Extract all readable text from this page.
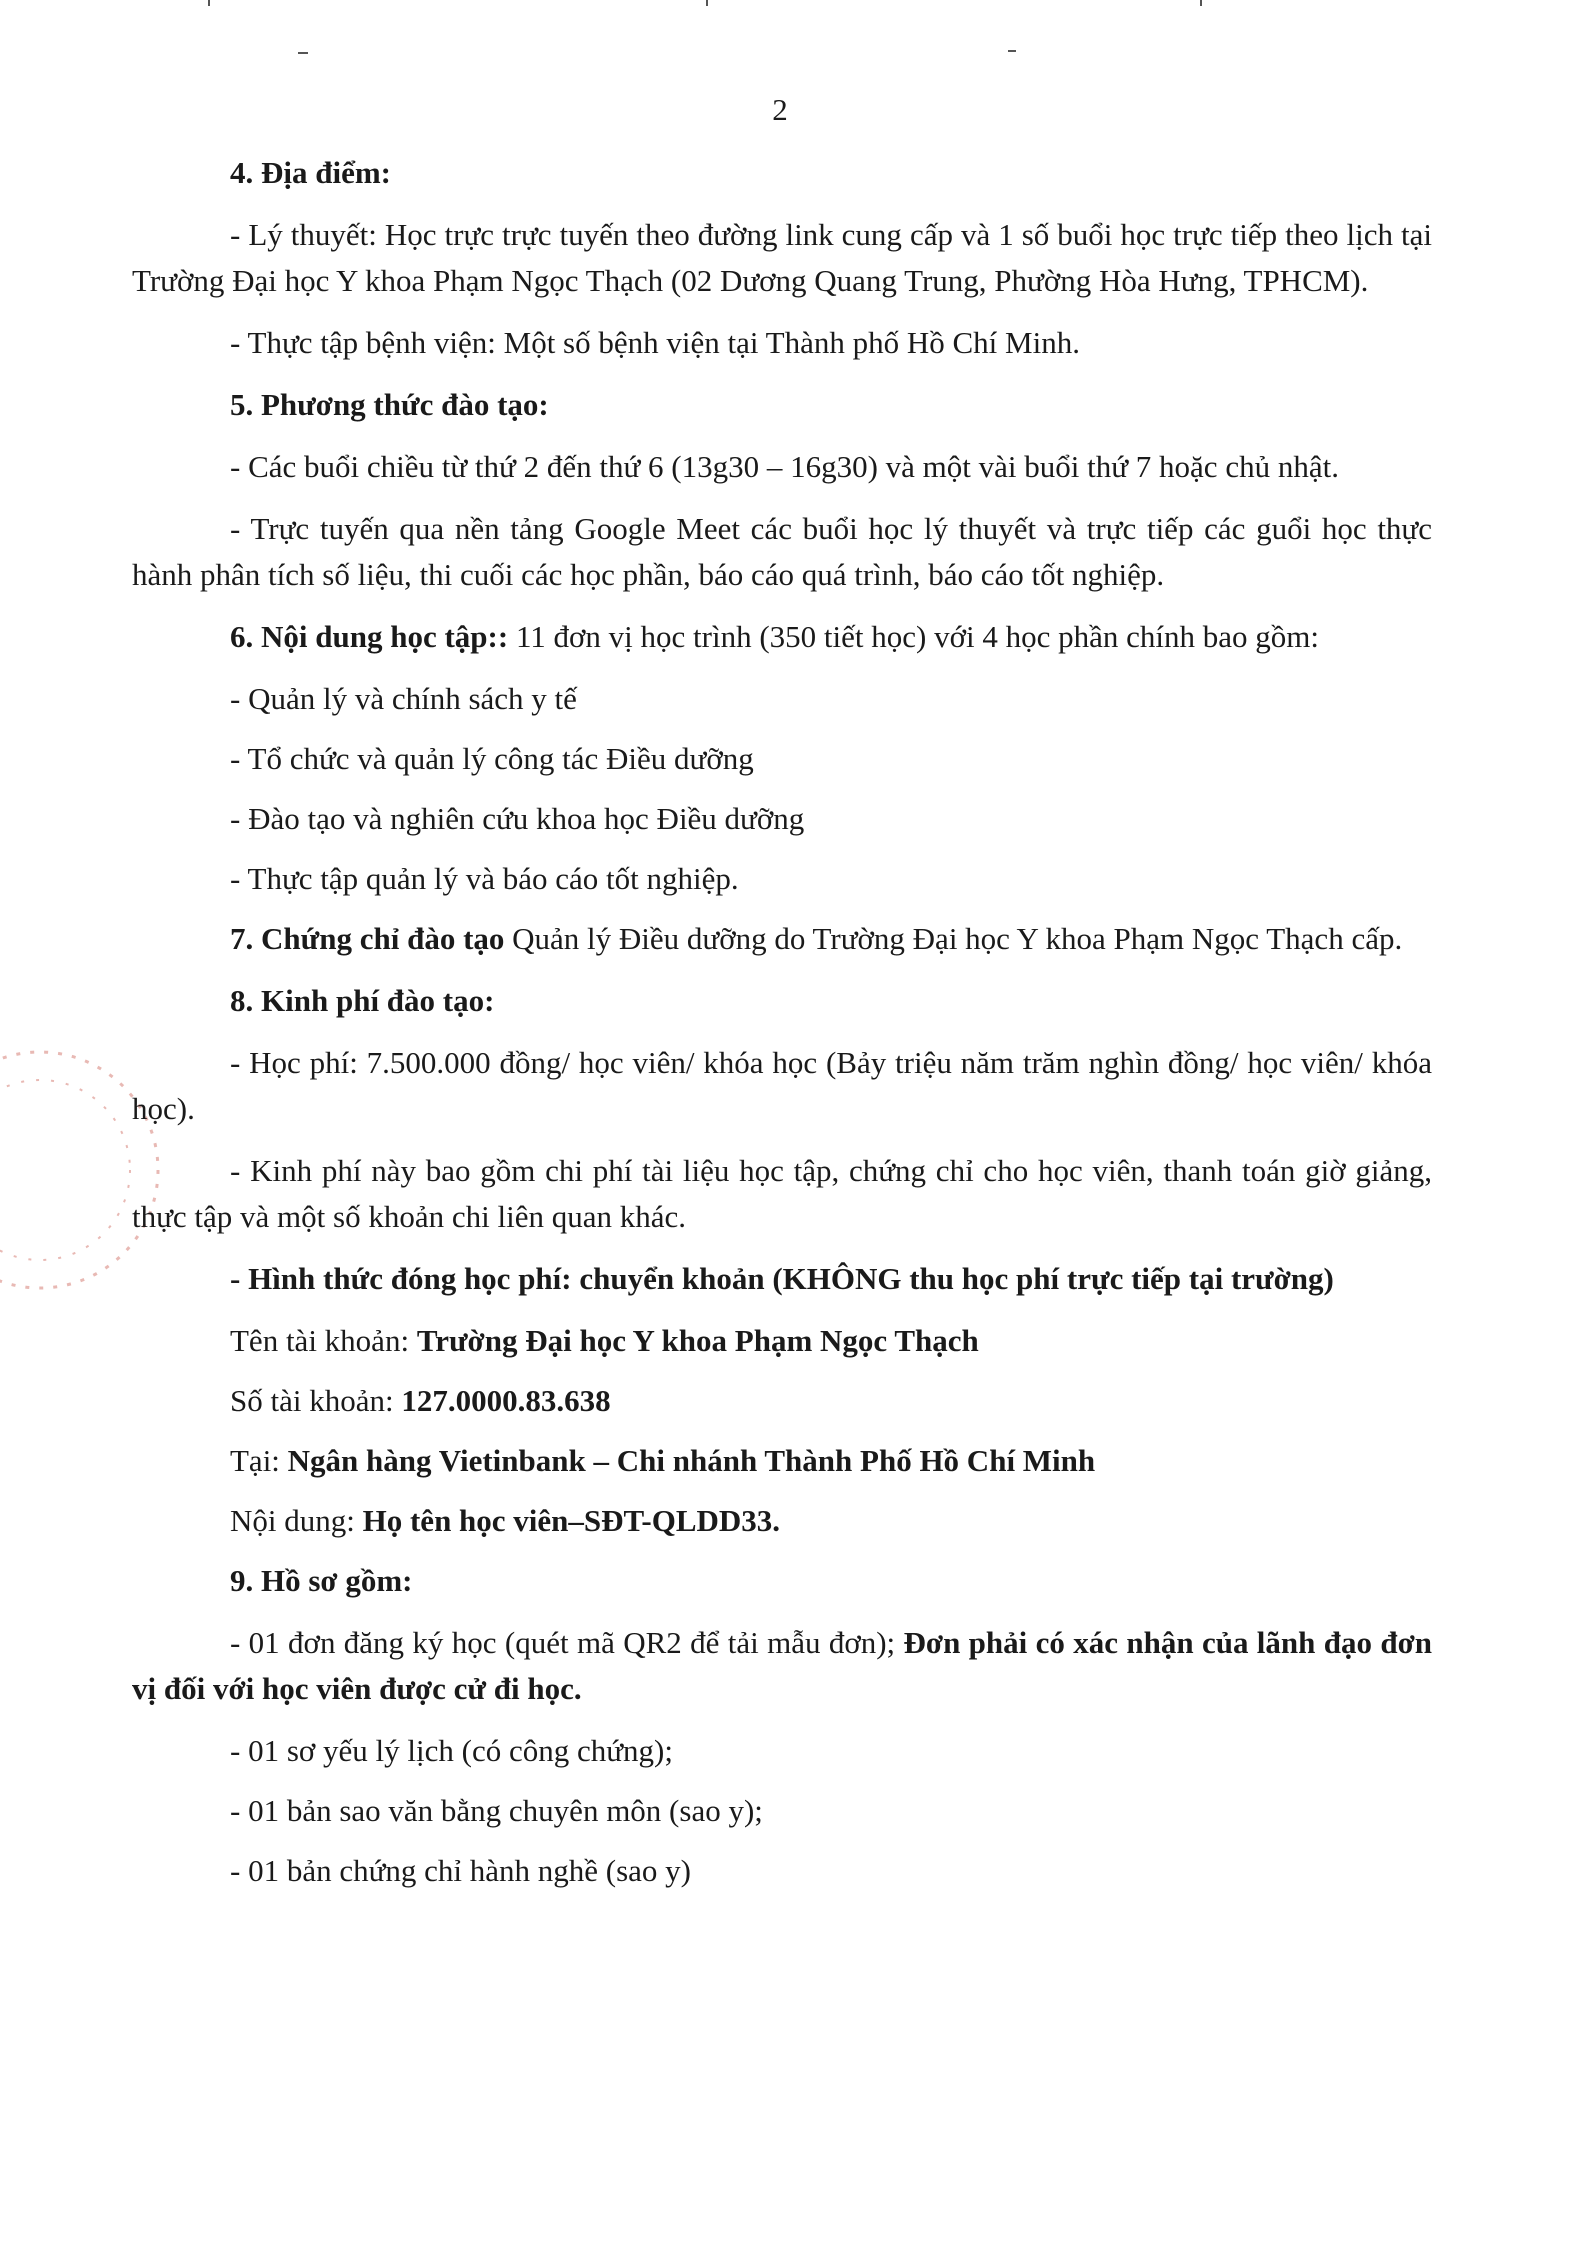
2

4. Địa điểm:

- Lý thuyết: Học trực trực tuyến theo đường link cung cấp và 1 số buổi học trực tiếp theo lịch tại Trường Đại học Y khoa Phạm Ngọc Thạch (02 Dương Quang Trung, Phường Hòa Hưng, TPHCM).

- Thực tập bệnh viện: Một số bệnh viện tại Thành phố Hồ Chí Minh.

5. Phương thức đào tạo:

- Các buổi chiều từ thứ 2 đến thứ 6 (13g30 – 16g30) và một vài buổi thứ 7 hoặc chủ nhật.

- Trực tuyến qua nền tảng Google Meet các buổi học lý thuyết và trực tiếp các guổi học thực hành phân tích số liệu, thi cuối các học phần, báo cáo quá trình, báo cáo tốt nghiệp.

6. Nội dung học tập:: 11 đơn vị học trình (350 tiết học) với 4 học phần chính bao gồm:

- Quản lý và chính sách y tế

- Tổ chức và quản lý công tác Điều dưỡng

- Đào tạo và nghiên cứu khoa học Điều dưỡng

- Thực tập quản lý và báo cáo tốt nghiệp.

7. Chứng chỉ đào tạo Quản lý Điều dưỡng do Trường Đại học Y khoa Phạm Ngọc Thạch cấp.

8. Kinh phí đào tạo:

- Học phí: 7.500.000 đồng/ học viên/ khóa học (Bảy triệu năm trăm nghìn đồng/ học viên/ khóa học).

- Kinh phí này bao gồm chi phí tài liệu học tập, chứng chỉ cho học viên, thanh toán giờ giảng, thực tập và một số khoản chi liên quan khác.

- Hình thức đóng học phí: chuyển khoản (KHÔNG thu học phí trực tiếp tại trường)

Tên tài khoản: Trường Đại học Y khoa Phạm Ngọc Thạch

Số tài khoản: 127.0000.83.638

Tại: Ngân hàng Vietinbank – Chi nhánh Thành Phố Hồ Chí Minh

Nội dung: Họ tên học viên–SĐT-QLDD33.

9. Hồ sơ gồm:

- 01 đơn đăng ký học (quét mã QR2 để tải mẫu đơn); Đơn phải có xác nhận của lãnh đạo đơn vị đối với học viên được cử đi học.

- 01 sơ yếu lý lịch (có công chứng);

- 01 bản sao văn bằng chuyên môn (sao y);

- 01 bản chứng chỉ hành nghề (sao y)
